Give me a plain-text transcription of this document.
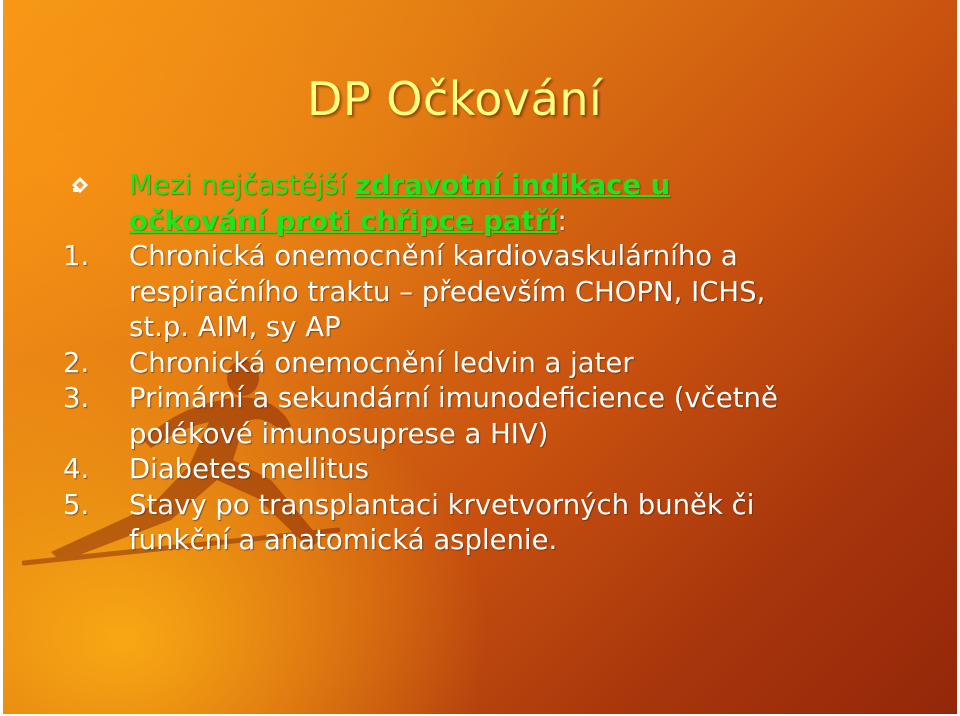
DP Očkování
Mezi nejčastější zdravotní indikace u
očkování proti chřipce patří:
1. Chronická onemocnění kardiovaskulárního a
respiračního traktu – především CHOPN, ICHS,
st.p. AIM, sy AP
2. Chronická onemocnění ledvin a jater
3. Primární a sekundární imunodeficience (včetně
polékové imunosuprese a HIV)
4. Diabetes mellitus
5. Stavy po transplantaci krvetvorných buněk či
funkční a anatomická asplenie.
